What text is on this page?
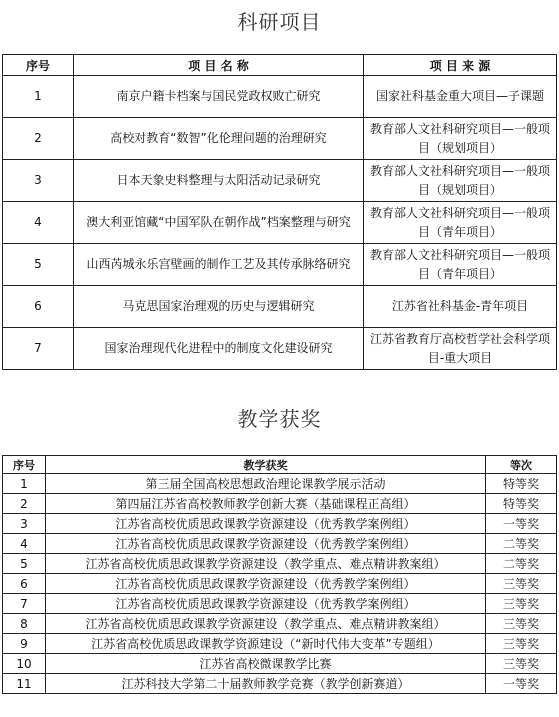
科研项目
序号	项 目 名 称	项 目 来 源
1	南京户籍卡档案与国民党政权败亡研究	国家社科基金重大项目—子课题
2	高校对教育“数智”化伦理问题的治理研究	教育部人文社科研究项目—一般项目（规划项目）
3	日本天象史料整理与太阳活动记录研究	教育部人文社科研究项目—一般项目（规划项目）
4	澳大利亚馆藏“中国军队在朝作战”档案整理与研究	教育部人文社科研究项目—一般项目（青年项目）
5	山西芮城永乐宫壁画的制作工艺及其传承脉络研究	教育部人文社科研究项目—一般项目（青年项目）
6	马克思国家治理观的历史与逻辑研究	江苏省社科基金-青年项目
7	国家治理现代化进程中的制度文化建设研究	江苏省教育厅高校哲学社会科学项目-重大项目
教学获奖
序号	教学获奖	等次
1	第三届全国高校思想政治理论课教学展示活动	特等奖
2	第四届江苏省高校教师教学创新大赛（基础课程正高组）	特等奖
3	江苏省高校优质思政课教学资源建设（优秀教学案例组）	一等奖
4	江苏省高校优质思政课教学资源建设（优秀教学案例组）	二等奖
5	江苏省高校优质思政课教学资源建设（教学重点、难点精讲教案组）	二等奖
6	江苏省高校优质思政课教学资源建设（优秀教学案例组）	三等奖
7	江苏省高校优质思政课教学资源建设（优秀教学案例组）	三等奖
8	江苏省高校优质思政课教学资源建设（教学重点、难点精讲教案组）	三等奖
9	江苏省高校优质思政课教学资源建设（“新时代伟大变革”专题组）	三等奖
10	江苏省高校微课教学比赛	三等奖
11	江苏科技大学第二十届教师教学竞赛（教学创新赛道）	一等奖
